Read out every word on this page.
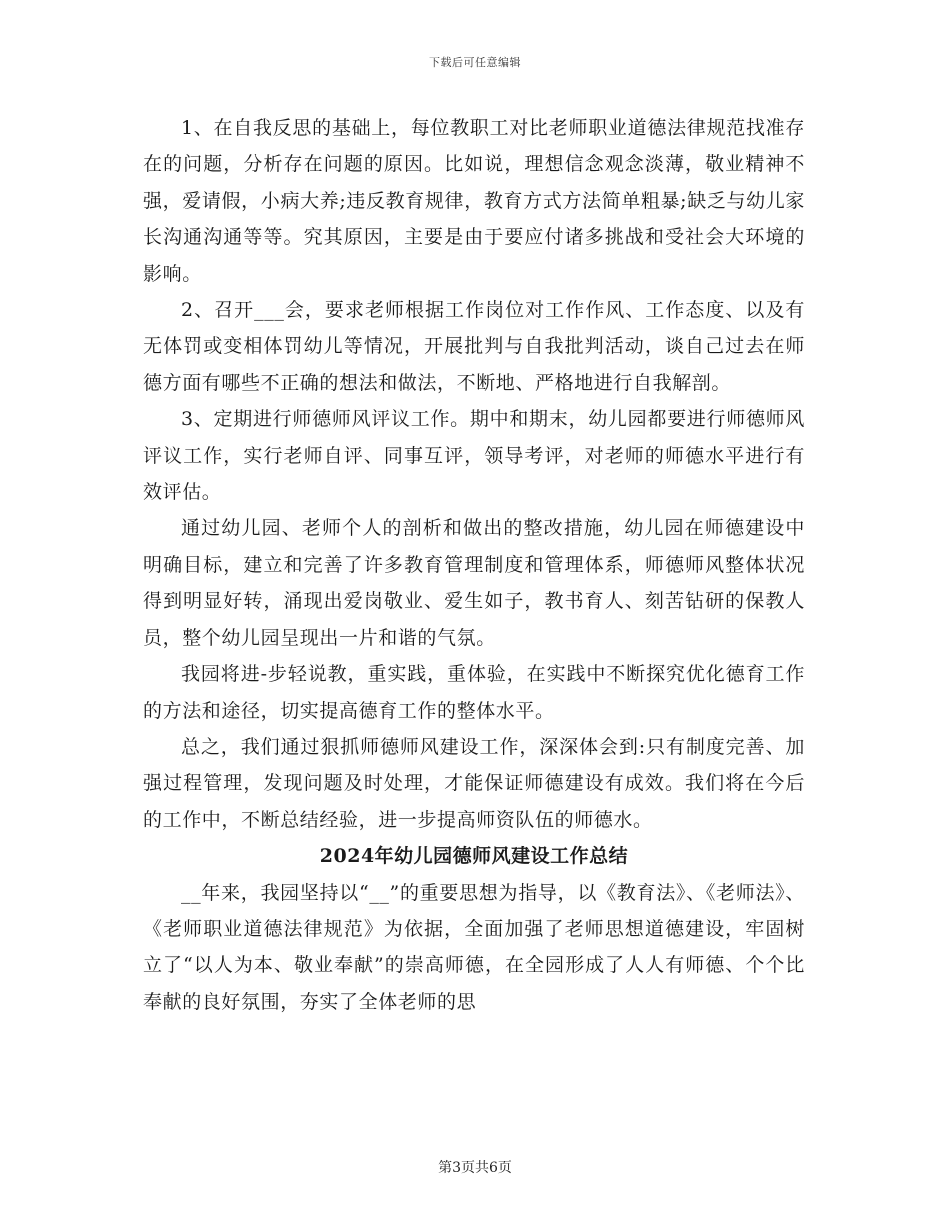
下载后可任意编辑

1、在自我反思的基础上，每位教职工对比老师职业道德法律规范找准存在的问题，分析存在问题的原因。比如说，理想信念观念淡薄，敬业精神不强，爱请假，小病大养;违反教育规律，教育方式方法简单粗暴;缺乏与幼儿家长沟通沟通等等。究其原因，主要是由于要应付诸多挑战和受社会大环境的影响。

2、召开___会，要求老师根据工作岗位对工作作风、工作态度、以及有无体罚或变相体罚幼儿等情况，开展批判与自我批判活动，谈自己过去在师德方面有哪些不正确的想法和做法，不断地、严格地进行自我解剖。

3、定期进行师德师风评议工作。期中和期末，幼儿园都要进行师德师风评议工作，实行老师自评、同事互评，领导考评，对老师的师德水平进行有效评估。

通过幼儿园、老师个人的剖析和做出的整改措施，幼儿园在师德建设中明确目标，建立和完善了许多教育管理制度和管理体系，师德师风整体状况得到明显好转，涌现出爱岗敬业、爱生如子，教书育人、刻苦钻研的保教人员，整个幼儿园呈现出一片和谐的气氛。

我园将进-步轻说教，重实践，重体验，在实践中不断探究优化德育工作的方法和途径，切实提高德育工作的整体水平。

总之，我们通过狠抓师德师风建设工作，深深体会到:只有制度完善、加强过程管理，发现问题及时处理，才能保证师德建设有成效。我们将在今后的工作中，不断总结经验，进一步提高师资队伍的师德水。

2024年幼儿园德师风建设工作总结

__年来，我园坚持以“__”的重要思想为指导，以《教育法》、《老师法》、《老师职业道德法律规范》为依据，全面加强了老师思想道德建设，牢固树立了“以人为本、敬业奉献”的崇高师德，在全园形成了人人有师德、个个比奉献的良好氛围，夯实了全体老师的思

第3页共6页
